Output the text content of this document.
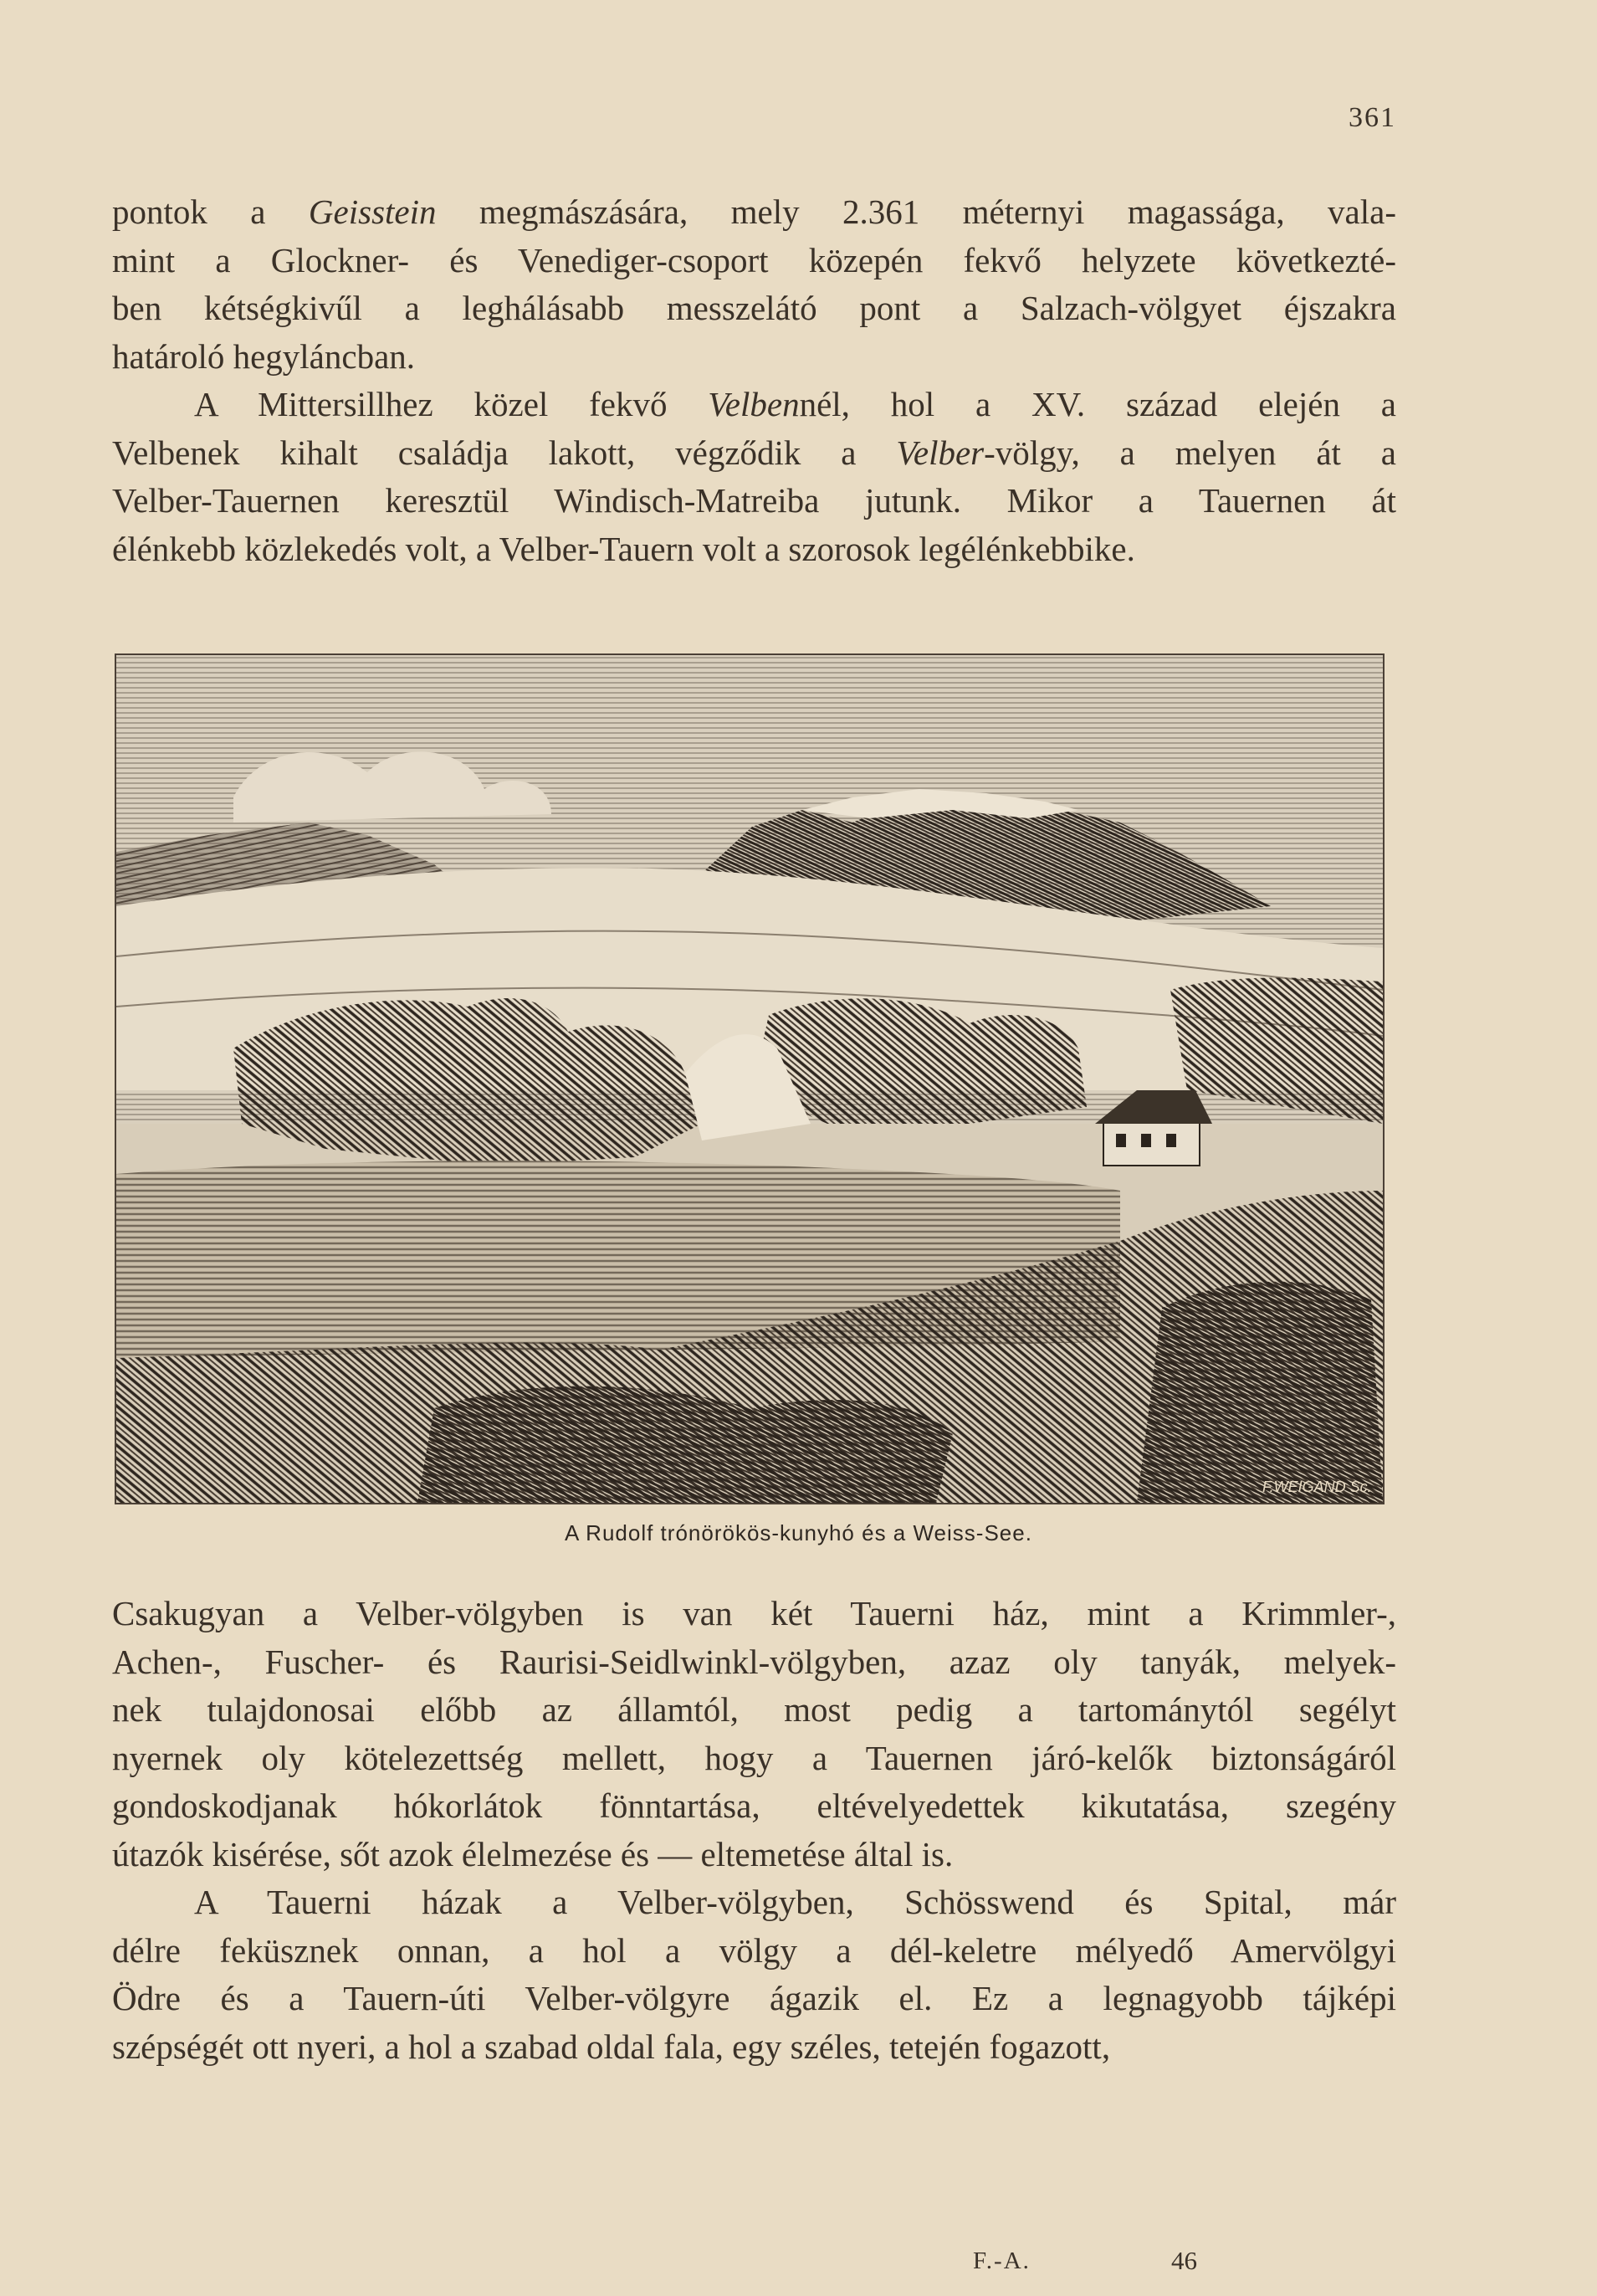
361

pontok a Geisstein megmászására, mely 2.361 méternyi magassága, vala-

mint a Glockner- és Venediger-csoport közepén fekvő helyzete következté-

ben kétségkivűl a leghálásabb messzelátó pont a Salzach-völgyet éjszakra

határoló hegyláncban.

A Mittersillhez közel fekvő Velbennél, hol a XV. század elején a

Velbenek kihalt családja lakott, végződik a Velber-völgy, a melyen át a

Velber-Tauernen keresztül Windisch-Matreiba jutunk. Mikor a Tauernen át

élénkebb közlekedés volt, a Velber-Tauern volt a szorosok legélénkebbike.

F.WEIGAND Sc.
A Rudolf trónörökös-kunyhó és a Weiss-See.

Csakugyan a Velber-völgyben is van két Tauerni ház, mint a Krimmler-,

Achen-, Fuscher- és Raurisi-Seidlwinkl-völgyben, azaz oly tanyák, melyek-

nek tulajdonosai előbb az államtól, most pedig a tartománytól segélyt

nyernek oly kötelezettség mellett, hogy a Tauernen járó-kelők biztonságáról

gondoskodjanak hókorlátok fönntartása, eltévelyedettek kikutatása, szegény

útazók kisérése, sőt azok élelmezése és — eltemetése által is.

A Tauerni házak a Velber-völgyben, Schösswend és Spital, már

délre feküsznek onnan, a hol a völgy a dél-keletre mélyedő Amervölgyi

Ödre és a Tauern-úti Velber-völgyre ágazik el. Ez a legnagyobb tájképi

szépségét ott nyeri, a hol a szabad oldal fala, egy széles, tetején fogazott,

F.-A.	46
